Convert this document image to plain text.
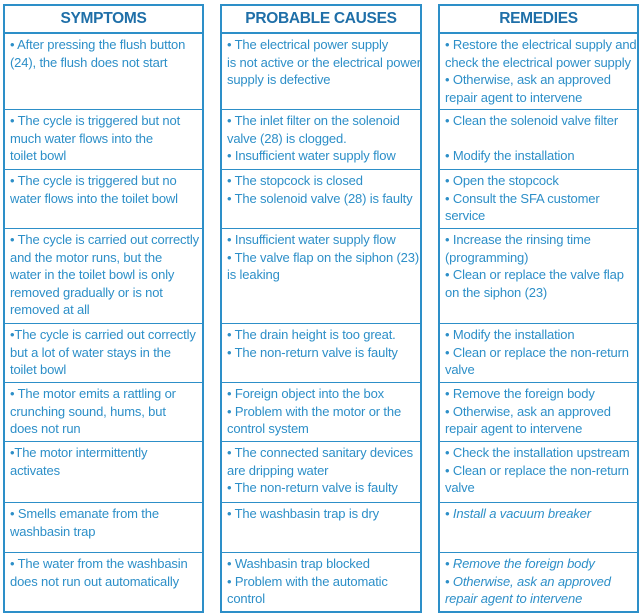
SYMPTOMS
• After pressing the flush button
(24), the flush does not start
• The cycle is triggered but not
much water flows into the
toilet bowl
• The cycle is triggered but no
water flows into the toilet bowl
• The cycle is carried out correctly
and the motor runs, but the
water in the toilet bowl is only
removed gradually or is not
removed at all
•The cycle is carried out correctly
but a lot of water stays in the
toilet bowl
• The motor emits a rattling or
crunching sound, hums, but
does not run
•The motor intermittently
activates
• Smells emanate from the
washbasin trap
• The water from the washbasin
does not run out automatically
PROBABLE CAUSES
• The electrical power supply
is not active or the electrical power
supply is defective
• The inlet filter on the solenoid
valve (28) is clogged.
• Insufficient water supply flow
• The stopcock is closed
• The solenoid valve (28) is faulty
• Insufficient water supply flow
• The valve flap on the siphon (23)
is leaking
• The drain height is too great.
• The non-return valve is faulty
• Foreign object into the box
• Problem with the motor or the
control system
• The connected sanitary devices
are dripping water
• The non-return valve is faulty
• The washbasin trap is dry
• Washbasin trap blocked
• Problem with the automatic
control
REMEDIES
• Restore the electrical supply and
check the electrical power supply
• Otherwise, ask an approved
repair agent to intervene
• Clean the solenoid valve filter

• Modify the installation
• Open the stopcock
• Consult the SFA customer
service
• Increase the rinsing time
(programming)
• Clean or replace the valve flap
on the siphon (23)
• Modify the installation
• Clean or replace the non-return
valve
• Remove the foreign body
• Otherwise, ask an approved
repair agent to intervene
• Check the installation upstream
• Clean or replace the non-return
valve
• Install a vacuum breaker
• Remove the foreign body
• Otherwise, ask an approved
repair agent to intervene
